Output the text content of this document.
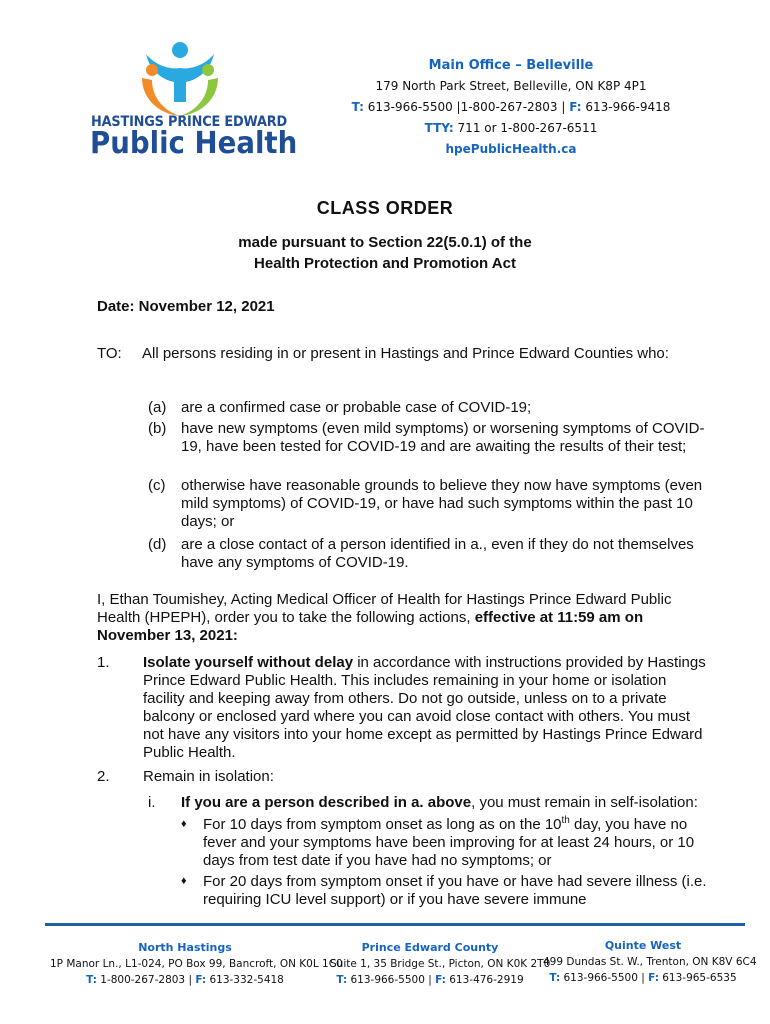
HASTINGS PRINCE EDWARD
Public Health
Main Office – Belleville
179 North Park Street, Belleville, ON K8P 4P1
T: 613-966-5500 |1-800-267-2803 | F: 613-966-9418
TTY: 711 or 1-800-267-6511
hpePublicHealth.ca
CLASS ORDER
made pursuant to Section 22(5.0.1) of the
Health Protection and Promotion Act
Date: November 12, 2021
TO: All persons residing in or present in Hastings and Prince Edward Counties who:
(a) are a confirmed case or probable case of COVID-19;
(b) have new symptoms (even mild symptoms) or worsening symptoms of COVID-19, have been tested for COVID-19 and are awaiting the results of their test;
(c) otherwise have reasonable grounds to believe they now have symptoms (even mild symptoms) of COVID-19, or have had such symptoms within the past 10 days; or
(d) are a close contact of a person identified in a., even if they do not themselves have any symptoms of COVID-19.
I, Ethan Toumishey, Acting Medical Officer of Health for Hastings Prince Edward Public Health (HPEPH), order you to take the following actions, effective at 11:59 am on November 13, 2021:
1. Isolate yourself without delay in accordance with instructions provided by Hastings Prince Edward Public Health. This includes remaining in your home or isolation facility and keeping away from others. Do not go outside, unless on to a private balcony or enclosed yard where you can avoid close contact with others. You must not have any visitors into your home except as permitted by Hastings Prince Edward Public Health.
2. Remain in isolation:
i. If you are a person described in a. above, you must remain in self-isolation:
♦ For 10 days from symptom onset as long as on the 10th day, you have no fever and your symptoms have been improving for at least 24 hours, or 10 days from test date if you have had no symptoms; or
♦ For 20 days from symptom onset if you have or have had severe illness (i.e. requiring ICU level support) or if you have severe immune
North Hastings
1P Manor Ln., L1-024, PO Box 99, Bancroft, ON K0L 1C0
T: 1-800-267-2803 | F: 613-332-5418
Prince Edward County
Suite 1, 35 Bridge St., Picton, ON K0K 2T0
T: 613-966-5500 | F: 613-476-2919
Quinte West
499 Dundas St. W., Trenton, ON K8V 6C4
T: 613-966-5500 | F: 613-965-6535
